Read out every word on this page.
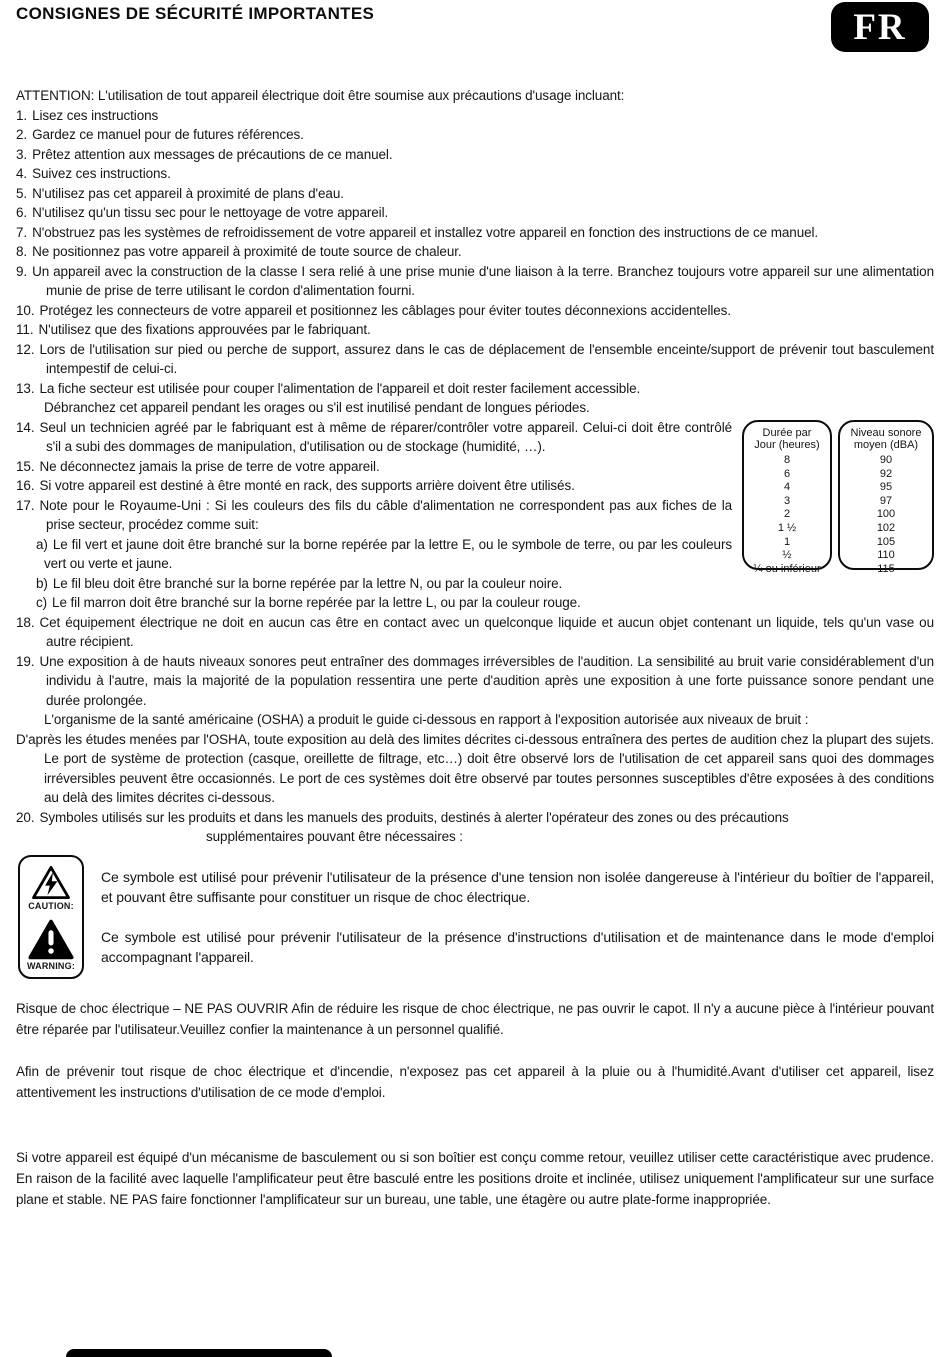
FR
CONSIGNES DE SÉCURITÉ IMPORTANTES
ATTENTION: L'utilisation de tout appareil électrique doit être soumise aux précautions d'usage incluant:
1. Lisez ces instructions
2. Gardez ce manuel pour de futures références.
3. Prêtez attention aux messages de précautions de ce manuel.
4. Suivez ces instructions.
5. N'utilisez pas cet appareil à proximité de plans d'eau.
6. N'utilisez qu'un tissu sec pour le nettoyage de votre appareil.
7. N'obstruez pas les systèmes de refroidissement de votre appareil et installez votre appareil en fonction des instructions de ce manuel.
8. Ne positionnez pas votre appareil à proximité de toute source de chaleur.
9. Un appareil avec la construction de la classe I sera relié à une prise munie d'une liaison à la terre. Branchez toujours votre appareil sur une alimentation munie de prise de terre utilisant le cordon d'alimentation fourni.
10. Protégez les connecteurs de votre appareil et positionnez les câblages pour éviter toutes déconnexions accidentelles.
11. N'utilisez que des fixations approuvées par le fabriquant.
12. Lors de l'utilisation sur pied ou perche de support, assurez dans le cas de déplacement de l'ensemble enceinte/support de prévenir tout basculement intempestif de celui-ci.
13. La fiche secteur est utilisée pour couper l'alimentation de l'appareil et doit rester facilement accessible.
Débranchez cet appareil pendant les orages ou s'il est inutilisé pendant de longues périodes.
Durée par
Jour (heures)
8
6
4
3
2
1 ½
1
½
¼ ou inférieur
Niveau sonore
moyen (dBA)
90
92
95
97
100
102
105
110
115
14. Seul un technicien agréé par le fabriquant est à même de réparer/contrôler votre appareil. Celui-ci doit être contrôlé s'il a subi des dommages de manipulation, d'utilisation ou de stockage (humidité, …).
15. Ne déconnectez jamais la prise de terre de votre appareil.
16. Si votre appareil est destiné à être monté en rack, des supports arrière doivent être utilisés.
17. Note pour le Royaume-Uni : Si les couleurs des fils du câble d'alimentation ne correspondent pas aux fiches de la prise secteur, procédez comme suit:
a) Le fil vert et jaune doit être branché sur la borne repérée par la lettre E, ou le symbole de terre, ou par les couleurs vert ou verte et jaune.
b) Le fil bleu doit être branché sur la borne repérée par la lettre N, ou par la couleur noire.
c) Le fil marron doit être branché sur la borne repérée par la lettre L, ou par la couleur rouge.
18. Cet équipement électrique ne doit en aucun cas être en contact avec un quelconque liquide et aucun objet contenant un liquide, tels qu'un vase ou autre récipient.
19. Une exposition à de hauts niveaux sonores peut entraîner des dommages irréversibles de l'audition. La sensibilité au bruit varie considérablement d'un individu à l'autre, mais la majorité de la population ressentira une perte d'audition après une exposition à une forte puissance sonore pendant une durée prolongée.
L'organisme de la santé américaine (OSHA) a produit le guide ci-dessous en rapport à l'exposition autorisée aux niveaux de bruit :
D'après les études menées par l'OSHA, toute exposition au delà des limites décrites ci-dessous entraînera des pertes de audition chez la plupart des sujets. Le port de système de protection (casque, oreillette de filtrage, etc…) doit être observé lors de l'utilisation de cet appareil sans quoi des dommages irréversibles peuvent être occasionnés. Le port de ces systèmes doit être observé par toutes personnes susceptibles d'être exposées à des conditions au delà des limites décrites ci-dessous.
20. Symboles utilisés sur les produits et dans les manuels des produits, destinés à alerter l'opérateur des zones ou des précautions
supplémentaires pouvant être nécessaires :
CAUTION:
WARNING:

Ce symbole est utilisé pour prévenir l'utilisateur de la présence d'une tension non isolée dangereuse à l'intérieur du boîtier de l'appareil, et pouvant être suffisante pour constituer un risque de choc électrique.

Ce symbole est utilisé pour prévenir l'utilisateur de la présence d'instructions d'utilisation et de maintenance dans le mode d'emploi accompagnant l'appareil.

Risque de choc électrique – NE PAS OUVRIR Afin de réduire les risque de choc électrique, ne pas ouvrir le capot. Il n'y a aucune pièce à l'intérieur pouvant être réparée par l'utilisateur.Veuillez confier la maintenance à un personnel qualifié.

Afin de prévenir tout risque de choc électrique et d'incendie, n'exposez pas cet appareil à la pluie ou à l'humidité.Avant d'utiliser cet appareil, lisez attentivement les instructions d'utilisation de ce mode d'emploi.

Si votre appareil est équipé d'un mécanisme de basculement ou si son boîtier est conçu comme retour, veuillez utiliser cette caractéristique avec prudence. En raison de la facilité avec laquelle l'amplificateur peut être basculé entre les positions droite et inclinée, utilisez uniquement l'amplificateur sur une surface plane et stable. NE PAS faire fonctionner l'amplificateur sur un bureau, une table, une étagère ou autre plate-forme inappropriée.
